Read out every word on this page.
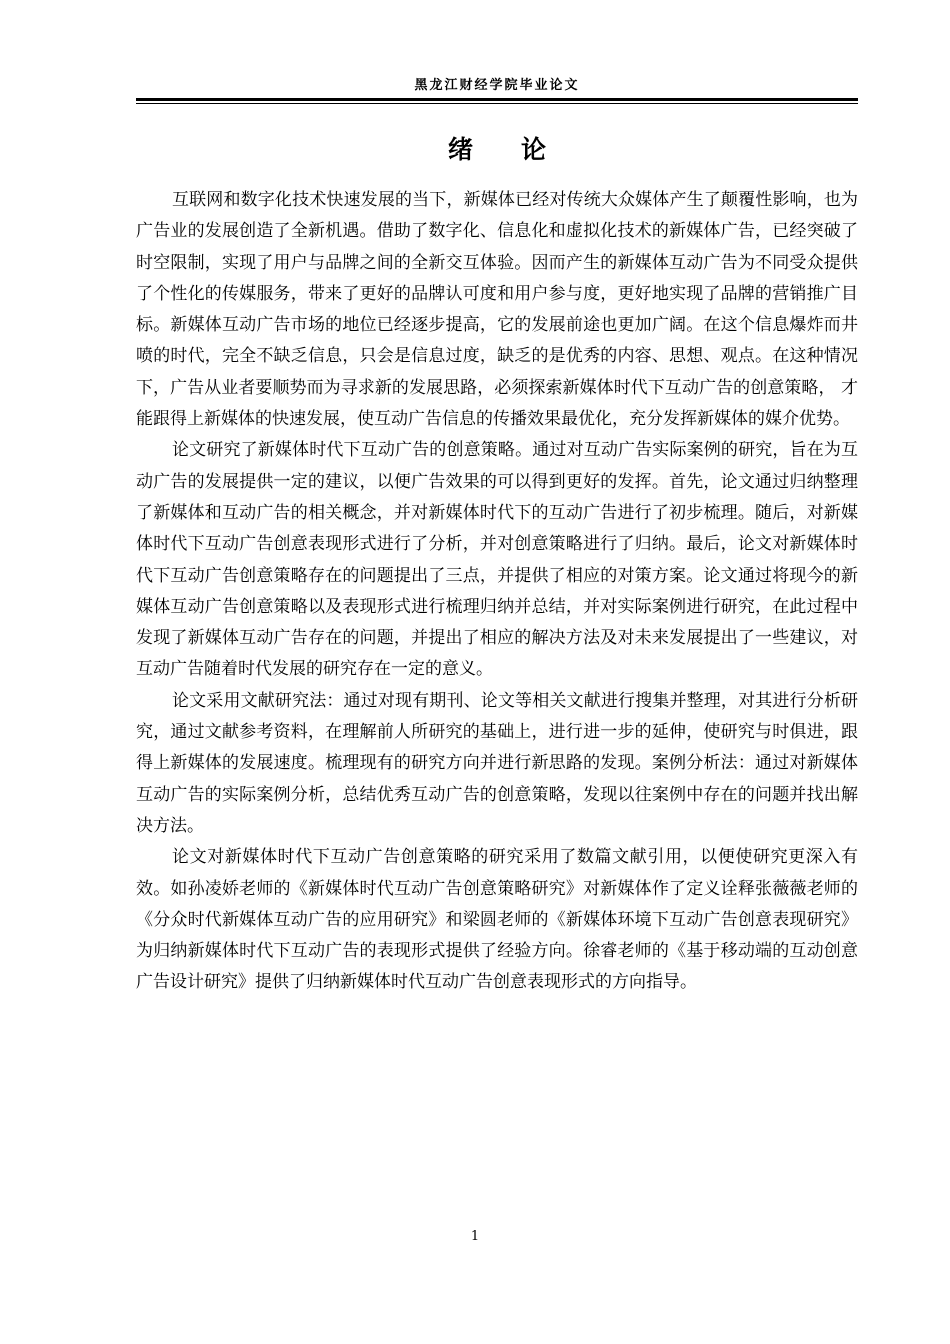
黑龙江财经学院毕业论文
绪论

互联网和数字化技术快速发展的当下，新媒体已经对传统大众媒体产生了颠覆性影响，也为广告业的发展创造了全新机遇。借助了数字化、信息化和虚拟化技术的新媒体广告，已经突破了时空限制，实现了用户与品牌之间的全新交互体验。因而产生的新媒体互动广告为不同受众提供了个性化的传媒服务，带来了更好的品牌认可度和用户参与度，更好地实现了品牌的营销推广目标。新媒体互动广告市场的地位已经逐步提高，它的发展前途也更加广阔。在这个信息爆炸而井喷的时代，完全不缺乏信息，只会是信息过度，缺乏的是优秀的内容、思想、观点。在这种情况下，广告从业者要顺势而为寻求新的发展思路，必须探索新媒体时代下互动广告的创意策略， 才能跟得上新媒体的快速发展，使互动广告信息的传播效果最优化，充分发挥新媒体的媒介优势。

论文研究了新媒体时代下互动广告的创意策略。通过对互动广告实际案例的研究，旨在为互动广告的发展提供一定的建议，以便广告效果的可以得到更好的发挥。首先，论文通过归纳整理了新媒体和互动广告的相关概念，并对新媒体时代下的互动广告进行了初步梳理。随后，对新媒体时代下互动广告创意表现形式进行了分析，并对创意策略进行了归纳。最后，论文对新媒体时代下互动广告创意策略存在的问题提出了三点，并提供了相应的对策方案。论文通过将现今的新媒体互动广告创意策略以及表现形式进行梳理归纳并总结，并对实际案例进行研究，在此过程中发现了新媒体互动广告存在的问题，并提出了相应的解决方法及对未来发展提出了一些建议，对互动广告随着时代发展的研究存在一定的意义。

论文采用文献研究法：通过对现有期刊、论文等相关文献进行搜集并整理，对其进行分析研究，通过文献参考资料，在理解前人所研究的基础上，进行进一步的延伸，使研究与时俱进，跟得上新媒体的发展速度。梳理现有的研究方向并进行新思路的发现。案例分析法：通过对新媒体互动广告的实际案例分析，总结优秀互动广告的创意策略，发现以往案例中存在的问题并找出解决方法。

论文对新媒体时代下互动广告创意策略的研究采用了数篇文献引用，以便使研究更深入有效。如孙凌娇老师的《新媒体时代互动广告创意策略研究》对新媒体作了定义诠释张薇薇老师的《分众时代新媒体互动广告的应用研究》和梁圆老师的《新媒体环境下互动广告创意表现研究》为归纳新媒体时代下互动广告的表现形式提供了经验方向。徐睿老师的《基于移动端的互动创意广告设计研究》提供了归纳新媒体时代互动广告创意表现形式的方向指导。

1
